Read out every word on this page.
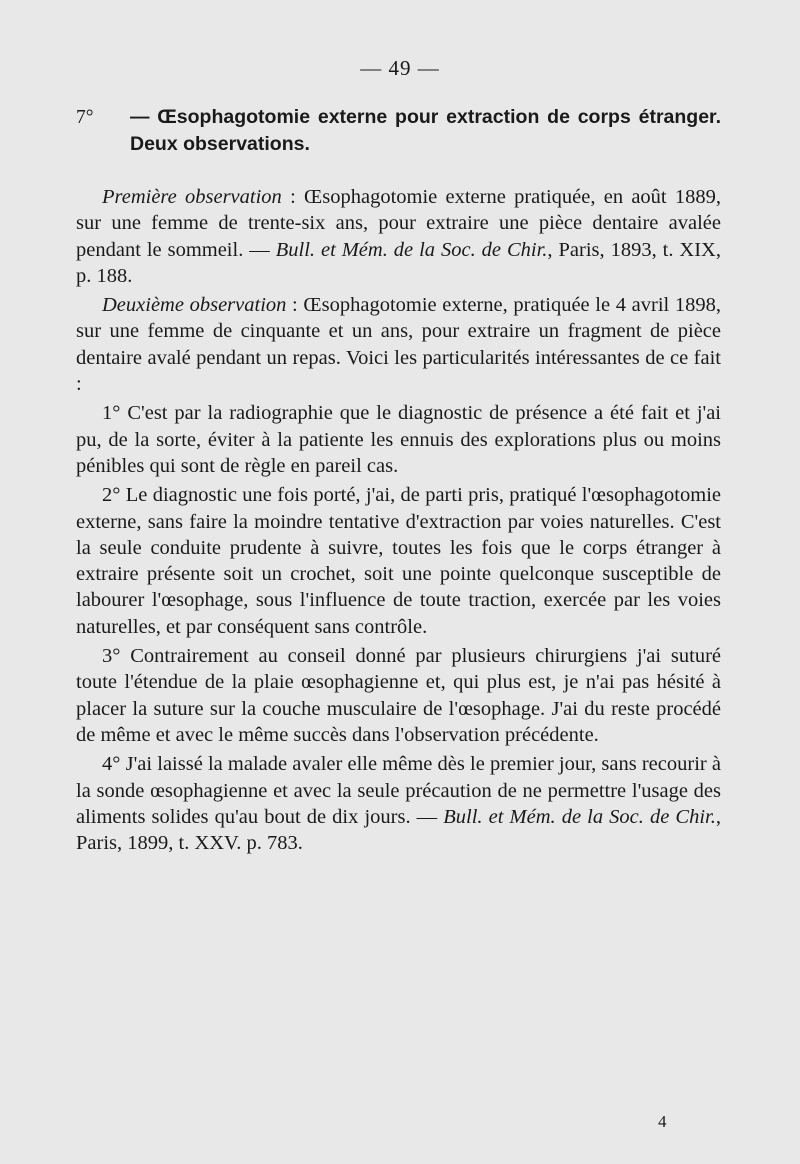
— 49 —

7° — Œsophagotomie externe pour extraction de corps étranger. Deux observations.

Première observation : Œsophagotomie externe pratiquée, en août 1889, sur une femme de trente-six ans, pour extraire une pièce dentaire avalée pendant le sommeil. — Bull. et Mém. de la Soc. de Chir., Paris, 1893, t. XIX, p. 188.

Deuxième observation : Œsophagotomie externe, pratiquée le 4 avril 1898, sur une femme de cinquante et un ans, pour extraire un fragment de pièce dentaire avalé pendant un repas. Voici les particularités intéressantes de ce fait :

1° C'est par la radiographie que le diagnostic de présence a été fait et j'ai pu, de la sorte, éviter à la patiente les ennuis des explorations plus ou moins pénibles qui sont de règle en pareil cas.

2° Le diagnostic une fois porté, j'ai, de parti pris, pratiqué l'œsophagotomie externe, sans faire la moindre tentative d'extraction par voies naturelles. C'est la seule conduite prudente à suivre, toutes les fois que le corps étranger à extraire présente soit un crochet, soit une pointe quelconque susceptible de labourer l'œsophage, sous l'influence de toute traction, exercée par les voies naturelles, et par conséquent sans contrôle.

3° Contrairement au conseil donné par plusieurs chirurgiens j'ai suturé toute l'étendue de la plaie œsophagienne et, qui plus est, je n'ai pas hésité à placer la suture sur la couche musculaire de l'œsophage. J'ai du reste procédé de même et avec le même succès dans l'observation précédente.

4° J'ai laissé la malade avaler elle même dès le premier jour, sans recourir à la sonde œsophagienne et avec la seule précaution de ne permettre l'usage des aliments solides qu'au bout de dix jours. — Bull. et Mém. de la Soc. de Chir., Paris, 1899, t. XXV. p. 783.

4
